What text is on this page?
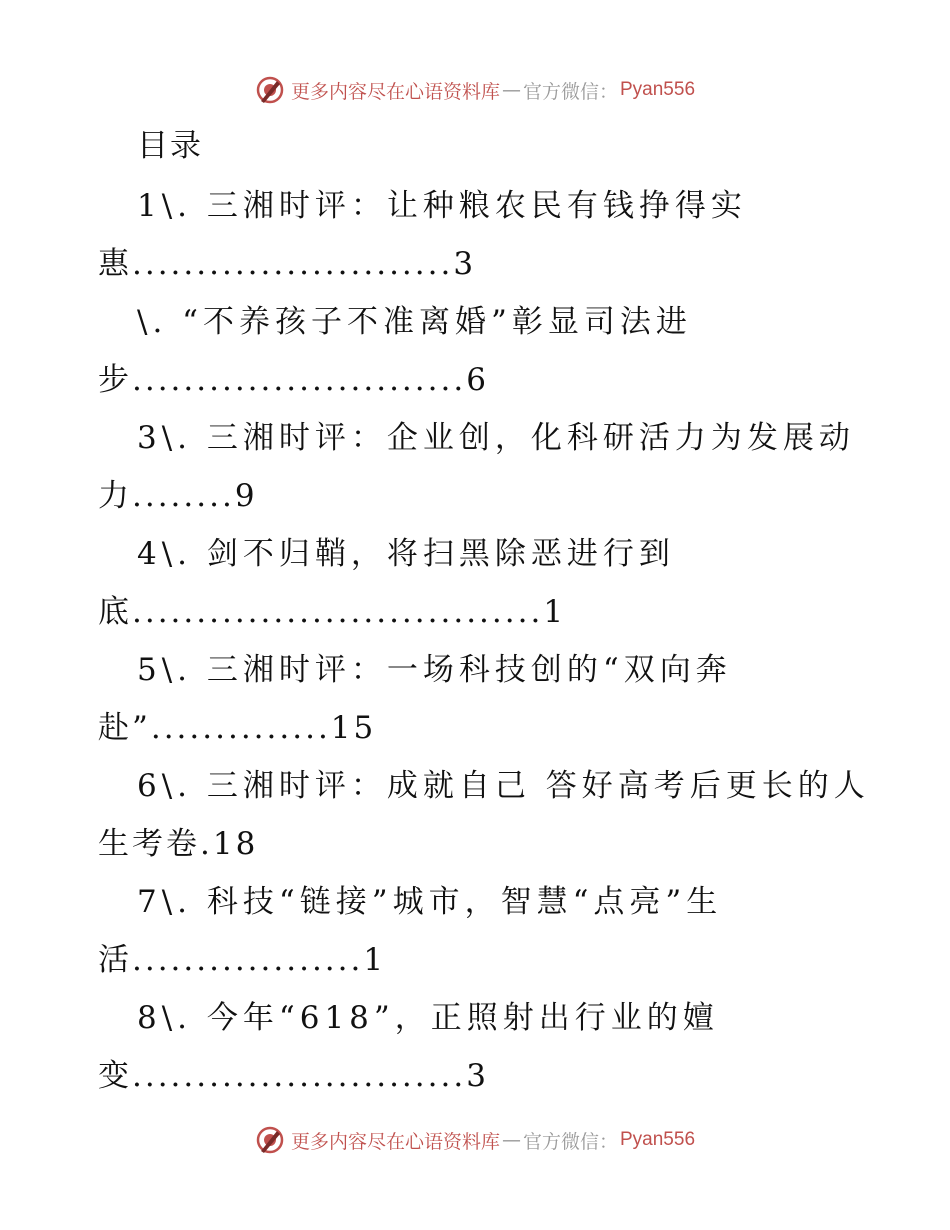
更多内容尽在心语资料库 — 官方微信： Pyan556
目录
1\. 三湘时评：让种粮农民有钱挣得实
惠.........................3
\. “不养孩子不准离婚”彰显司法进
步..........................6
3\. 三湘时评：企业创，化科研活力为发展动
力........9
4\. 剑不归鞘，将扫黑除恶进行到
底................................1
5\. 三湘时评：一场科技创的“双向奔
赴”..............15
6\. 三湘时评：成就自己 答好高考后更长的人
生考卷.18
7\. 科技“链接”城市，智慧“点亮”生
活..................1
8\. 今年“618”，正照射出行业的嬗
变..........................3
更多内容尽在心语资料库 — 官方微信： Pyan556
